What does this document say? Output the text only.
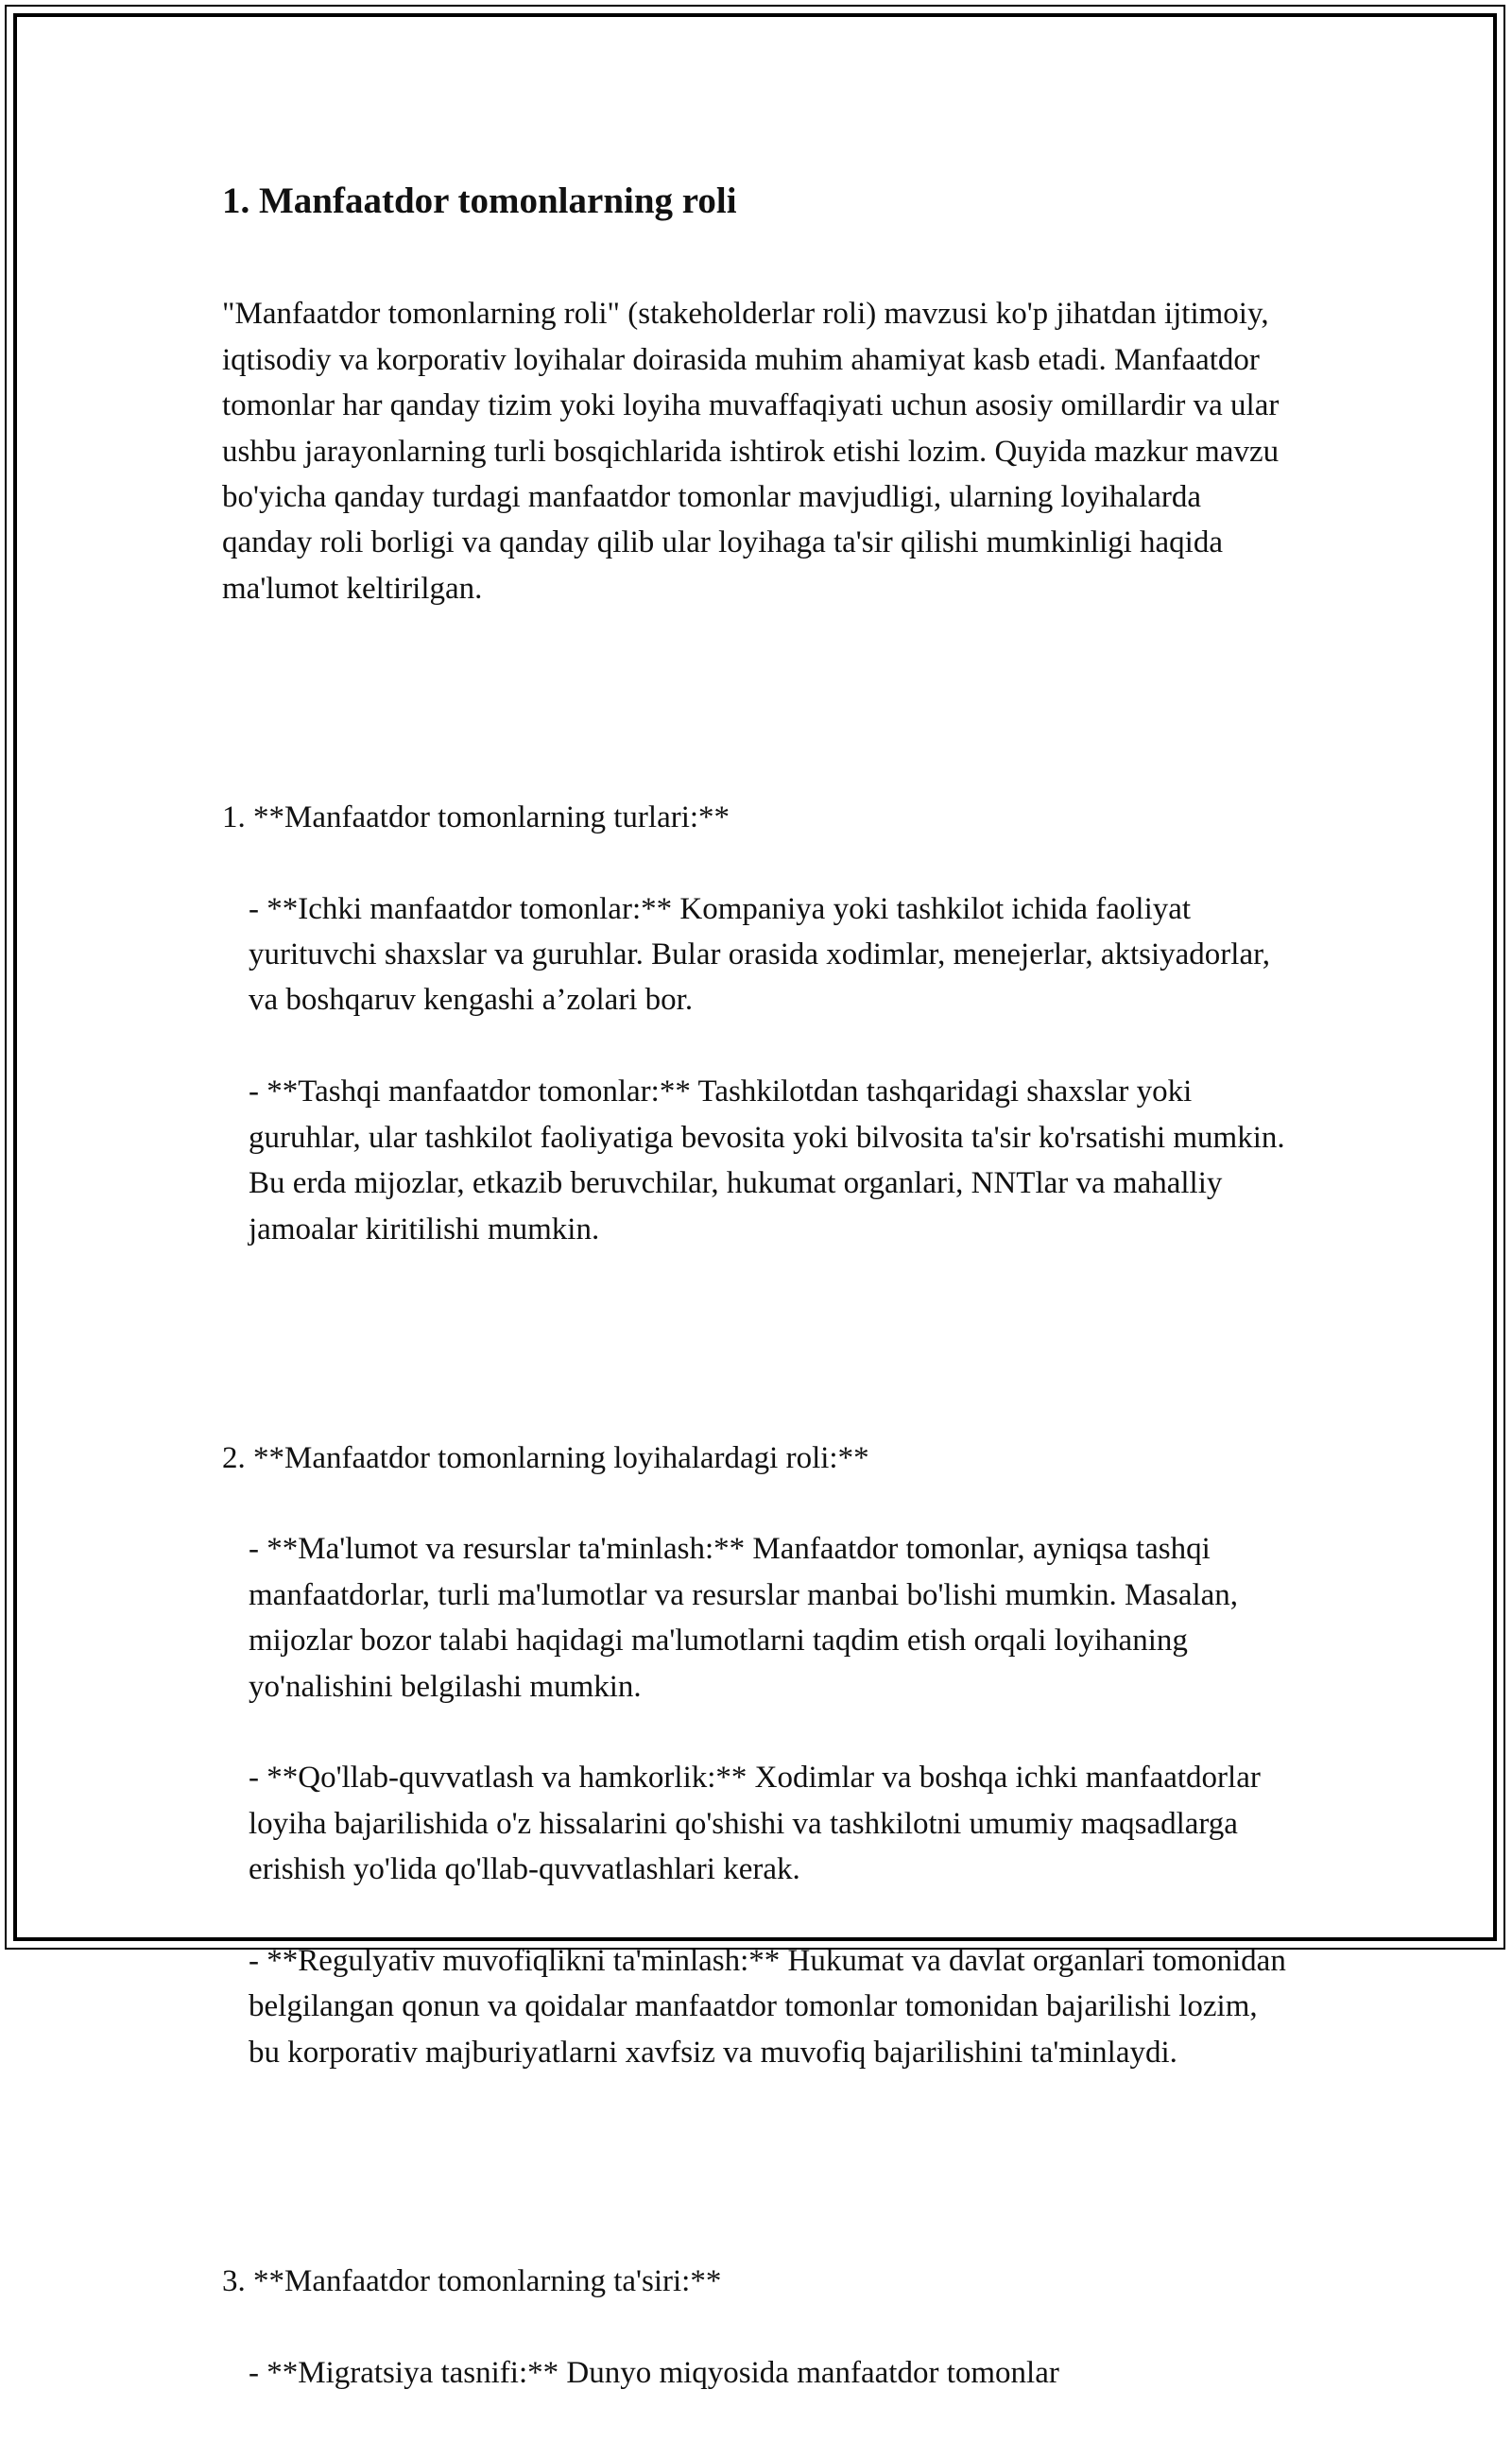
1. Manfaatdor tomonlarning roli

"Manfaatdor tomonlarning roli" (stakeholderlar roli) mavzusi ko'p jihatdan ijtimoiy, iqtisodiy va korporativ loyihalar doirasida muhim ahamiyat kasb etadi. Manfaatdor tomonlar har qanday tizim yoki loyiha muvaffaqiyati uchun asosiy omillardir va ular ushbu jarayonlarning turli bosqichlarida ishtirok etishi lozim. Quyida mazkur mavzu bo'yicha qanday turdagi manfaatdor tomonlar mavjudligi, ularning loyihalarda qanday roli borligi va qanday qilib ular loyihaga ta'sir qilishi mumkinligi haqida ma'lumot keltirilgan.

1. **Manfaatdor tomonlarning turlari:**

- **Ichki manfaatdor tomonlar:** Kompaniya yoki tashkilot ichida faoliyat yurituvchi shaxslar va guruhlar. Bular orasida xodimlar, menejerlar, aktsiyadorlar, va boshqaruv kengashi a’zolari bor.

- **Tashqi manfaatdor tomonlar:** Tashkilotdan tashqaridagi shaxslar yoki guruhlar, ular tashkilot faoliyatiga bevosita yoki bilvosita ta'sir ko'rsatishi mumkin. Bu erda mijozlar, etkazib beruvchilar, hukumat organlari, NNTlar va mahalliy jamoalar kiritilishi mumkin.

2. **Manfaatdor tomonlarning loyihalardagi roli:**

- **Ma'lumot va resurslar ta'minlash:** Manfaatdor tomonlar, ayniqsa tashqi manfaatdorlar, turli ma'lumotlar va resurslar manbai bo'lishi mumkin. Masalan, mijozlar bozor talabi haqidagi ma'lumotlarni taqdim etish orqali loyihaning yo'nalishini belgilashi mumkin.

- **Qo'llab-quvvatlash va hamkorlik:** Xodimlar va boshqa ichki manfaatdorlar loyiha bajarilishida o'z hissalarini qo'shishi va tashkilotni umumiy maqsadlarga erishish yo'lida qo'llab-quvvatlashlari kerak.

- **Regulyativ muvofiqlikni ta'minlash:** Hukumat va davlat organlari tomonidan belgilangan qonun va qoidalar manfaatdor tomonlar tomonidan bajarilishi lozim, bu korporativ majburiyatlarni xavfsiz va muvofiq bajarilishini ta'minlaydi.

3. **Manfaatdor tomonlarning ta'siri:**

- **Migratsiya tasnifi:** Dunyo miqyosida manfaatdor tomonlar
